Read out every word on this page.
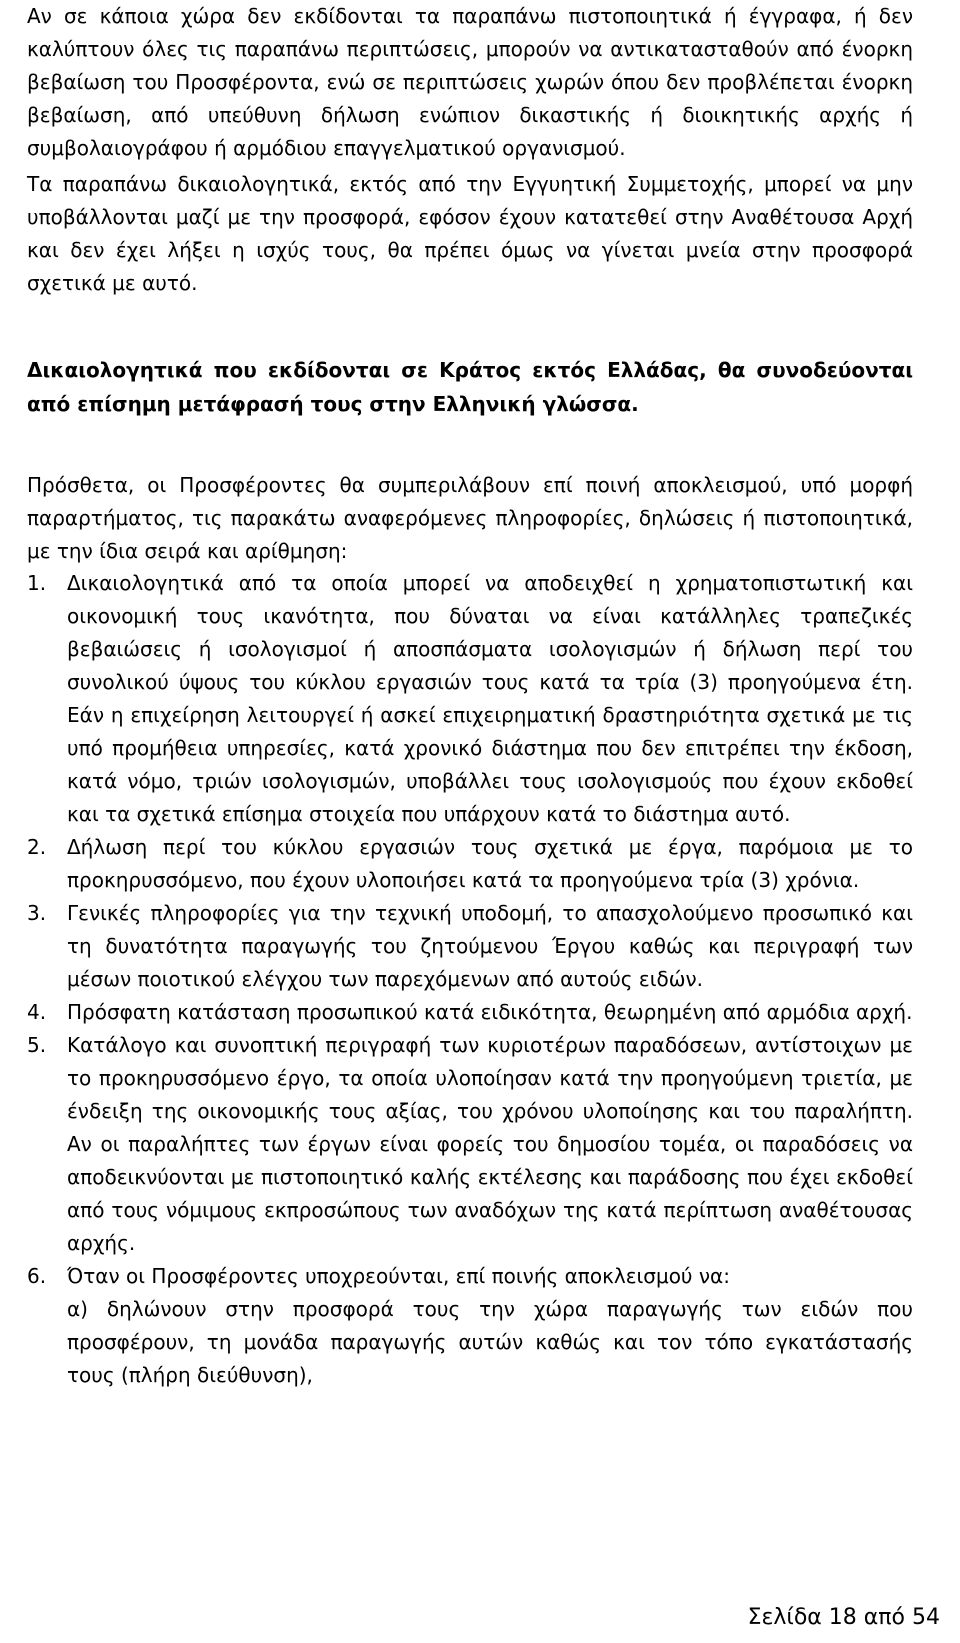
Αν σε κάποια χώρα δεν εκδίδονται τα παραπάνω πιστοποιητικά ή έγγραφα, ή δεν καλύπτουν όλες τις παραπάνω περιπτώσεις, μπορούν να αντικατασταθούν από ένορκη βεβαίωση του Προσφέροντα, ενώ σε περιπτώσεις χωρών όπου δεν προβλέπεται ένορκη βεβαίωση, από υπεύθυνη δήλωση ενώπιον δικαστικής ή διοικητικής αρχής ή συμβολαιογράφου ή αρμόδιου επαγγελματικού οργανισμού.

Τα παραπάνω δικαιολογητικά, εκτός από την Εγγυητική Συμμετοχής, μπορεί να μην υποβάλλονται μαζί με την προσφορά, εφόσον έχουν κατατεθεί στην Αναθέτουσα Αρχή και δεν έχει λήξει η ισχύς τους, θα πρέπει όμως να γίνεται μνεία στην προσφορά σχετικά με αυτό.

Δικαιολογητικά που εκδίδονται σε Κράτος εκτός Ελλάδας, θα συνοδεύονται από επίσημη μετάφρασή τους στην Ελληνική γλώσσα.

Πρόσθετα, οι Προσφέροντες θα συμπεριλάβουν επί ποινή αποκλεισμού, υπό μορφή παραρτήματος, τις παρακάτω αναφερόμενες πληροφορίες, δηλώσεις ή πιστοποιητικά, με την ίδια σειρά και αρίθμηση:

1. Δικαιολογητικά από τα οποία μπορεί να αποδειχθεί η χρηματοπιστωτική και οικονομική τους ικανότητα, που δύναται να είναι κατάλληλες τραπεζικές βεβαιώσεις ή ισολογισμοί ή αποσπάσματα ισολογισμών ή δήλωση περί του συνολικού ύψους του κύκλου εργασιών τους κατά τα τρία (3) προηγούμενα έτη. Εάν η επιχείρηση λειτουργεί ή ασκεί επιχειρηματική δραστηριότητα σχετικά με τις υπό προμήθεια υπηρεσίες, κατά χρονικό διάστημα που δεν επιτρέπει την έκδοση, κατά νόμο, τριών ισολογισμών, υποβάλλει τους ισολογισμούς που έχουν εκδοθεί και τα σχετικά επίσημα στοιχεία που υπάρχουν κατά το διάστημα αυτό.
2. Δήλωση περί του κύκλου εργασιών τους σχετικά με έργα, παρόμοια με το προκηρυσσόμενο, που έχουν υλοποιήσει κατά τα προηγούμενα τρία (3) χρόνια.
3. Γενικές πληροφορίες για την τεχνική υποδομή, το απασχολούμενο προσωπικό και τη δυνατότητα παραγωγής του ζητούμενου Έργου καθώς και περιγραφή των μέσων ποιοτικού ελέγχου των παρεχόμενων από αυτούς ειδών.
4. Πρόσφατη κατάσταση προσωπικού κατά ειδικότητα, θεωρημένη από αρμόδια αρχή.
5. Κατάλογο και συνοπτική περιγραφή των κυριοτέρων παραδόσεων, αντίστοιχων με το προκηρυσσόμενο έργο, τα οποία υλοποίησαν κατά την προηγούμενη τριετία, με ένδειξη της οικονομικής τους αξίας, του χρόνου υλοποίησης και του παραλήπτη. Αν οι παραλήπτες των έργων είναι φορείς του δημοσίου τομέα, οι παραδόσεις να αποδεικνύονται με πιστοποιητικό καλής εκτέλεσης και παράδοσης που έχει εκδοθεί από τους νόμιμους εκπροσώπους των αναδόχων της κατά περίπτωση αναθέτουσας αρχής.
6. Όταν οι Προσφέροντες υποχρεούνται, επί ποινής αποκλεισμού να:
α) δηλώνουν στην προσφορά τους την χώρα παραγωγής των ειδών που προσφέρουν, τη μονάδα παραγωγής αυτών καθώς και τον τόπο εγκατάστασής τους (πλήρη διεύθυνση),
Σελίδα 18 από 54
